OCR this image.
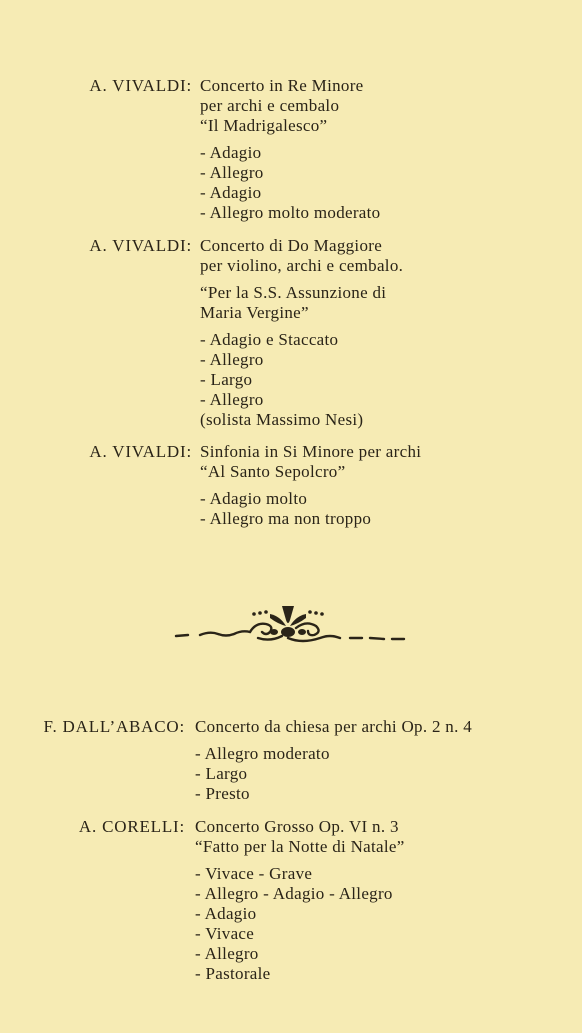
A. VIVALDI: Concerto in Re Minore
per archi e cembalo
“Il Madrigalesco”
- Adagio
- Allegro
- Adagio
- Allegro molto moderato
A. VIVALDI: Concerto di Do Maggiore
per violino, archi e cembalo.
“Per la S.S. Assunzione di
Maria Vergine”
- Adagio e Staccato
- Allegro
- Largo
- Allegro
(solista Massimo Nesi)
A. VIVALDI: Sinfonia in Si Minore per archi
“Al Santo Sepolcro”
- Adagio molto
- Allegro ma non troppo
F. DALL’ABACO: Concerto da chiesa per archi Op. 2 n. 4
- Allegro moderato
- Largo
- Presto
A. CORELLI: Concerto Grosso Op. VI n. 3
“Fatto per la Notte di Natale”
- Vivace - Grave
- Allegro - Adagio - Allegro
- Adagio
- Vivace
- Allegro
- Pastorale
